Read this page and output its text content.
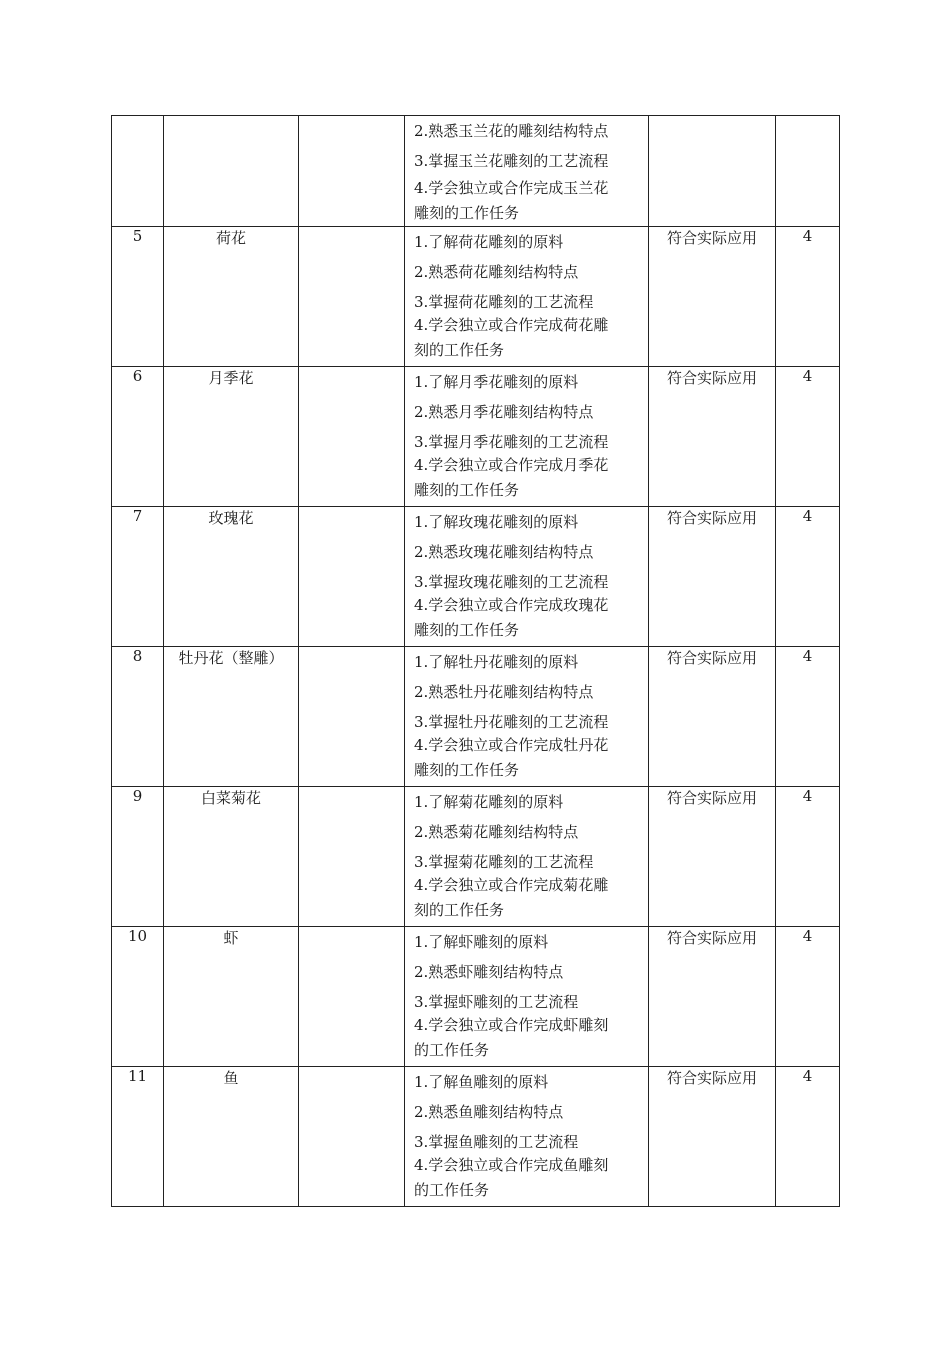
			2.熟悉玉兰花的雕刻结构特点
3.掌握玉兰花雕刻的工艺流程
4.学会独立或合作完成玉兰花
雕刻的工作任务		

5	荷花		1.了解荷花雕刻的原料
2.熟悉荷花雕刻结构特点
3.掌握荷花雕刻的工艺流程
4.学会独立或合作完成荷花雕
刻的工作任务	符合实际应用	4
6	月季花		1.了解月季花雕刻的原料
2.熟悉月季花雕刻结构特点
3.掌握月季花雕刻的工艺流程
4.学会独立或合作完成月季花
雕刻的工作任务	符合实际应用	4
7	玫瑰花		1.了解玫瑰花雕刻的原料
2.熟悉玫瑰花雕刻结构特点
3.掌握玫瑰花雕刻的工艺流程
4.学会独立或合作完成玫瑰花
雕刻的工作任务	符合实际应用	4
8	牡丹花（整雕）		1.了解牡丹花雕刻的原料
2.熟悉牡丹花雕刻结构特点
3.掌握牡丹花雕刻的工艺流程
4.学会独立或合作完成牡丹花
雕刻的工作任务	符合实际应用	4
9	白菜菊花		1.了解菊花雕刻的原料
2.熟悉菊花雕刻结构特点
3.掌握菊花雕刻的工艺流程
4.学会独立或合作完成菊花雕
刻的工作任务	符合实际应用	4
10	虾		1.了解虾雕刻的原料
2.熟悉虾雕刻结构特点
3.掌握虾雕刻的工艺流程
4.学会独立或合作完成虾雕刻
的工作任务	符合实际应用	4
11	鱼		1.了解鱼雕刻的原料
2.熟悉鱼雕刻结构特点
3.掌握鱼雕刻的工艺流程
4.学会独立或合作完成鱼雕刻
的工作任务	符合实际应用	4
